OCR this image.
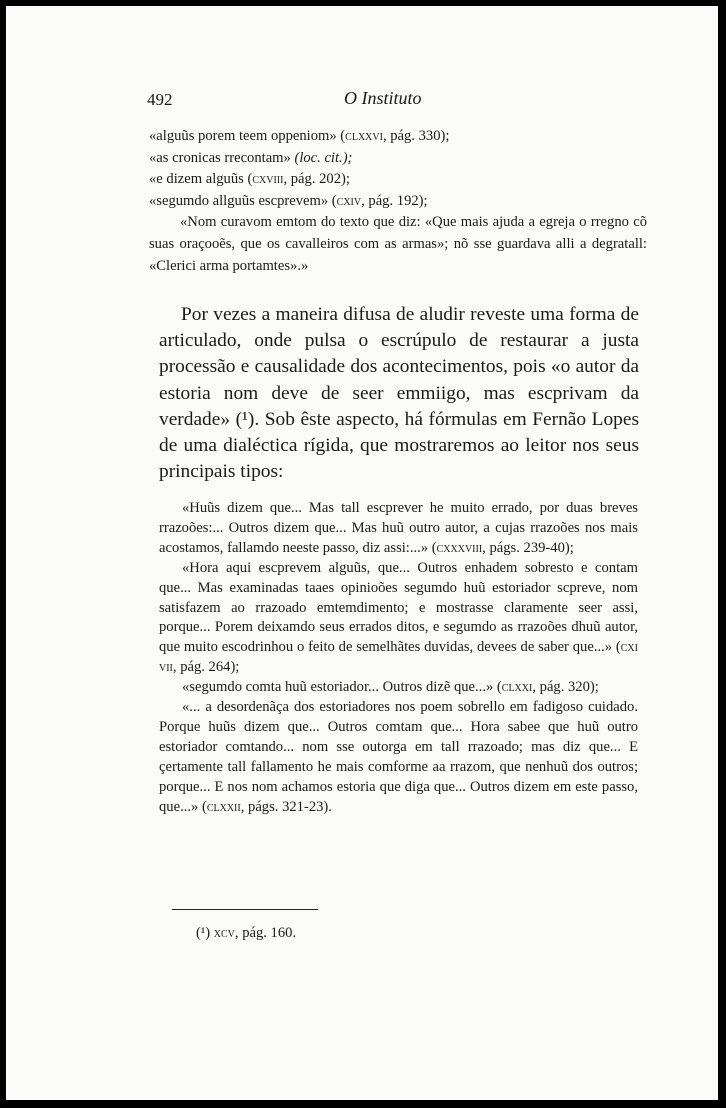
492	O Instituto

«alguũs porem teem oppeniom» (clxxvi, pág. 330);

«as cronicas rrecontam» (loc. cit.);

«e dizem alguũs (cxviii, pág. 202);

«segumdo allguũs escprevem» (cxiv, pág. 192);

«Nom curavom emtom do texto que diz: «Que mais ajuda a egreja o rregno cõ suas oraçooẽs, que os cavalleiros com as armas»; nõ sse guardava alli a degratall: «Clerici arma portamtes».»

Por vezes a maneira difusa de aludir reveste uma forma de articulado, onde pulsa o escrúpulo de restaurar a justa processão e causalidade dos acontecimentos, pois «o autor da estoria nom deve de seer emmiigo, mas escprivam da verdade» (¹). Sob êste aspecto, há fórmulas em Fernão Lopes de uma dialéctica rígida, que mostraremos ao leitor nos seus principais tipos:

«Huũs dizem que... Mas tall escprever he muito errado, por duas breves rrazoões:... Outros dizem que... Mas huũ outro autor, a cujas rrazoões nos mais acostamos, fallamdo neeste passo, diz assi:...» (cxxxviii, págs. 239-40);

«Hora aqui escprevem alguũs, que... Outros enhadem sobresto e contam que... Mas examinadas taaes opinioões segumdo huũ estoriador scpreve, nom satisfazem ao rrazoado emtemdimento; e mostrasse claramente seer assi, porque... Porem deixamdo seus errados ditos, e segumdo as rrazoões dhuũ autor, que muito escodrinhou o feito de semelhãtes duvidas, devees de saber que...» (cxi vii, pág. 264);

«segumdo comta huũ estoriador... Outros dizẽ que...» (clxxi, pág. 320);

«... a desordenãça dos estoriadores nos poem sobrello em fadigoso cuidado. Porque huũs dizem que... Outros comtam que... Hora sabee que huũ outro estoriador comtando... nom sse outorga em tall rrazoado; mas diz que... E çertamente tall fallamento he mais comforme aa rrazom, que nenhuũ dos outros; porque... E nos nom achamos estoria que diga que... Outros dizem em este passo, que...» (clxxii, págs. 321-23).

(¹) xcv, pág. 160.
